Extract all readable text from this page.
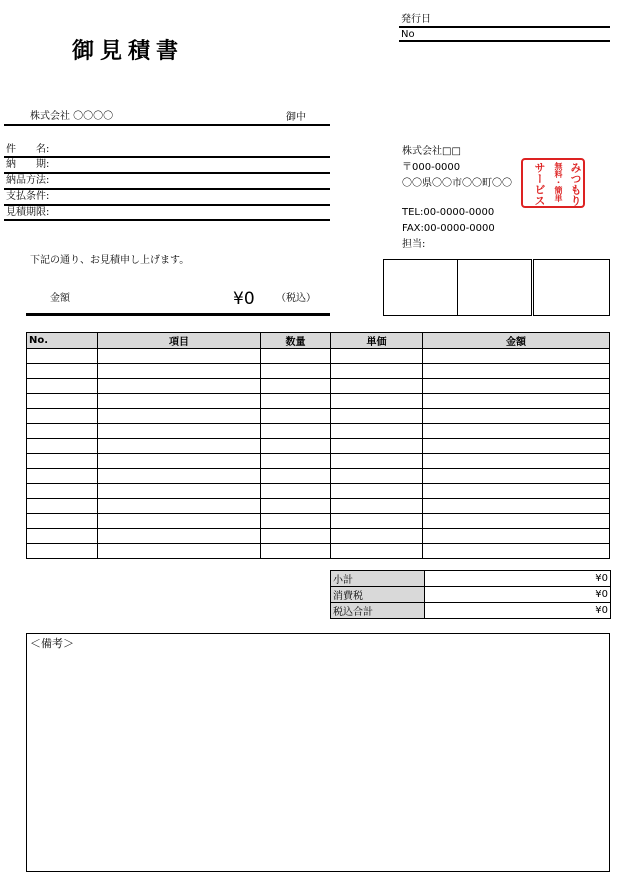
御見積書
発行日
No
株式会社 〇〇〇〇	御中
件　　名:
納　　期:
納品方法:
支払条件:
見積期限:
株式会社□□
〒000-0000
〇〇県〇〇市〇〇町〇〇
TEL:00-0000-0000
FAX:00-0000-0000
担当:
みつもり
無料・簡単
サービス
下記の通り、お見積申し上げます。
金額	¥0 （税込）
No.	項目	数量	単価	金額

小計	¥0
消費税	¥0
税込合計	¥0
＜備考＞
